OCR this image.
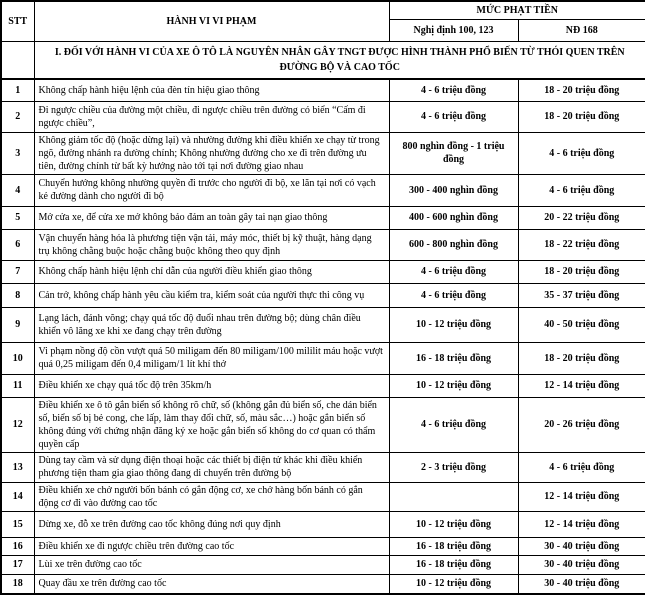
STT	HÀNH VI VI PHẠM	MỨC PHẠT TIỀN	
		Nghị định 100, 123	NĐ 168
	I. ĐỐI VỚI HÀNH VI CỦA XE Ô TÔ LÀ NGUYÊN NHÂN GÂY TNGT ĐƯỢC HÌNH THÀNH PHỔ BIẾN TỪ THÓI QUEN TRÊN ĐƯỜNG BỘ VÀ CAO TỐC		
1	Không chấp hành hiệu lệnh của đèn tín hiệu giao thông	4 - 6 triệu đồng	18 - 20 triệu đồng
2	Đi ngược chiều của đường một chiều, đi ngược chiều trên đường có biển “Cấm đi ngược chiều”,	4 - 6 triệu đồng	18 - 20 triệu đồng
3	Không giảm tốc độ (hoặc dừng lại) và nhường đường khi điều khiển xe chạy từ trong ngõ, đường nhánh ra đường chính; Không nhường đường cho xe đi trên đường ưu tiên, đường chính từ bất kỳ hướng nào tới tại nơi đường giao nhau	800 nghìn đồng - 1 triệu đồng	4 - 6 triệu đồng
4	Chuyển hướng không nhường quyền đi trước cho người đi bộ, xe lăn tại nơi có vạch kẻ đường dành cho người đi bộ	300 - 400 nghìn đồng	4 - 6 triệu đồng
5	Mở cửa xe, để cửa xe mở không bảo đảm an toàn gây tai nạn giao thông	400 - 600 nghìn đồng	20 - 22 triệu đồng
6	Vận chuyển hàng hóa là phương tiện vận tải, máy móc, thiết bị kỹ thuật, hàng dạng trụ không chằng buộc hoặc chằng buộc không theo quy định	600 - 800 nghìn đồng	18 - 22 triệu đồng
7	Không chấp hành hiệu lệnh chỉ dẫn của người điều khiển giao thông	4 - 6 triệu đồng	18 - 20 triệu đồng
8	Cản trở, không chấp hành yêu cầu kiểm tra, kiểm soát của người thực thi công vụ	4 - 6 triệu đồng	35 - 37 triệu đồng
9	Lạng lách, đánh võng; chạy quá tốc độ đuổi nhau trên đường bộ; dùng chân điều khiển vô lăng xe khi xe đang chạy trên đường	10 - 12 triệu đồng	40 - 50 triệu đồng
10	Vi phạm nồng độ cồn vượt quá 50 miligam đến 80 miligam/100 mililit máu hoặc vượt quá 0,25 miligam đến 0,4 miligam/1 lít khí thở	16 - 18 triệu đồng	18 - 20 triệu đồng
11	Điều khiển xe chạy quá tốc độ trên 35km/h	10 - 12 triệu đồng	12 - 14 triệu đồng
12	Điều khiển xe ô tô gắn biển số không rõ chữ, số (không gắn đủ biển số, che dán biển số, biển số bị bẻ cong, che lấp, làm thay đổi chữ, số, màu sắc…) hoặc gắn biển số không đúng với chứng nhận đăng ký xe hoặc gắn biển số không do cơ quan có thẩm quyền cấp	4 - 6 triệu đồng	20 - 26 triệu đồng
13	Dùng tay cầm và sử dụng điện thoại hoặc các thiết bị điện tử khác khi điều khiển phương tiện tham gia giao thông đang di chuyển trên đường bộ	2 - 3 triệu đồng	4 - 6 triệu đồng
14	Điều khiển xe chở người bốn bánh có gắn động cơ, xe chở hàng bốn bánh có gắn động cơ đi vào đường cao tốc		12 - 14 triệu đồng
15	Dừng xe, đỗ xe trên đường cao tốc không đúng nơi quy định	10 - 12 triệu đồng	12 - 14 triệu đồng
16	Điều khiển xe đi ngược chiều trên đường cao tốc	16 - 18 triệu đồng	30 - 40 triệu đồng
17	Lùi xe trên đường cao tốc	16 - 18 triệu đồng	30 - 40 triệu đồng
18	Quay đầu xe trên đường cao tốc	10 - 12 triệu đồng	30 - 40 triệu đồng
